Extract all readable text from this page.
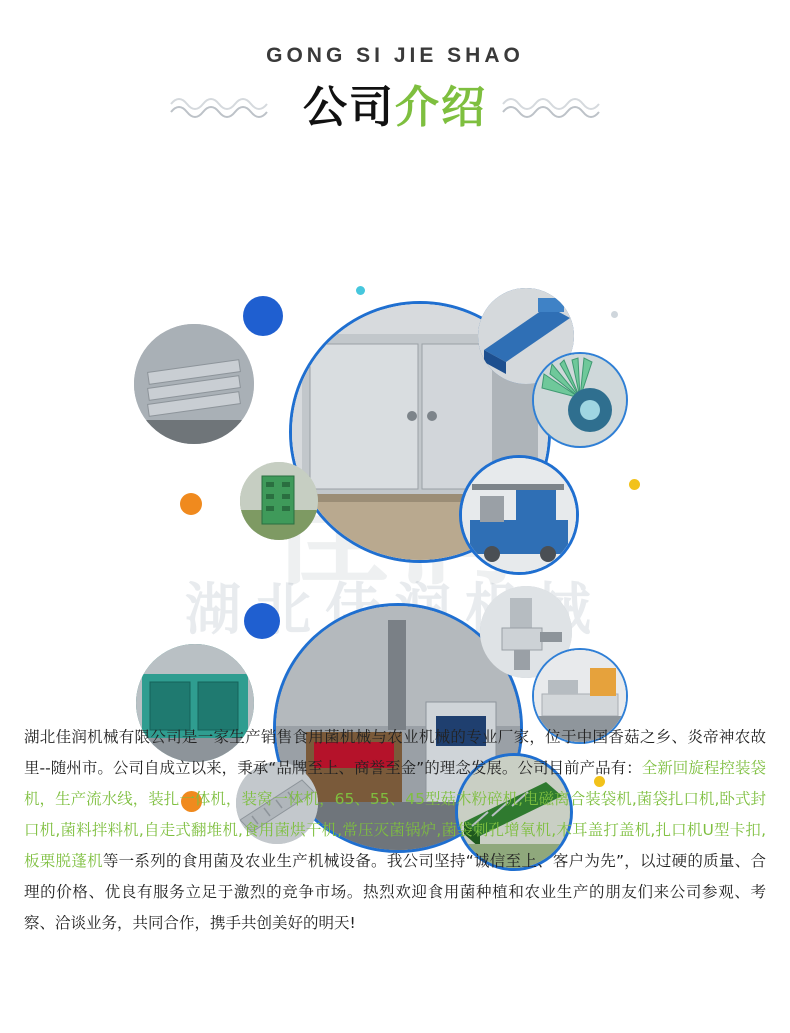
GONG SI JIE SHAO
公司介绍
湖北佳润机械有限公司是一家生产销售食用菌机械与农业机械的专业厂家，位于中国香菇之乡、炎帝神农故里--随州市。公司自成立以来，秉承“品牌至上、商誉至金”的理念发展。公司目前产品有：全新回旋程控装袋机，生产流水线，装扎一体机，装窝一体机，65、55、45型菇木粉碎机,电磁离合装袋机,菌袋扎口机,卧式封口机,菌料拌料机,自走式翻堆机,食用菌烘干机,常压灭菌锅炉,菌袋刺孔增氧机,木耳盖打盖机,扎口机U型卡扣,板栗脱蓬机等一系列的食用菌及农业生产机械设备。我公司坚持“诚信至上、客户为先”，以过硬的质量、合理的价格、优良有服务立足于激烈的竞争市场。热烈欢迎食用菌种植和农业生产的朋友们来公司参观、考察、洽谈业务，共同合作，携手共创美好的明天!
